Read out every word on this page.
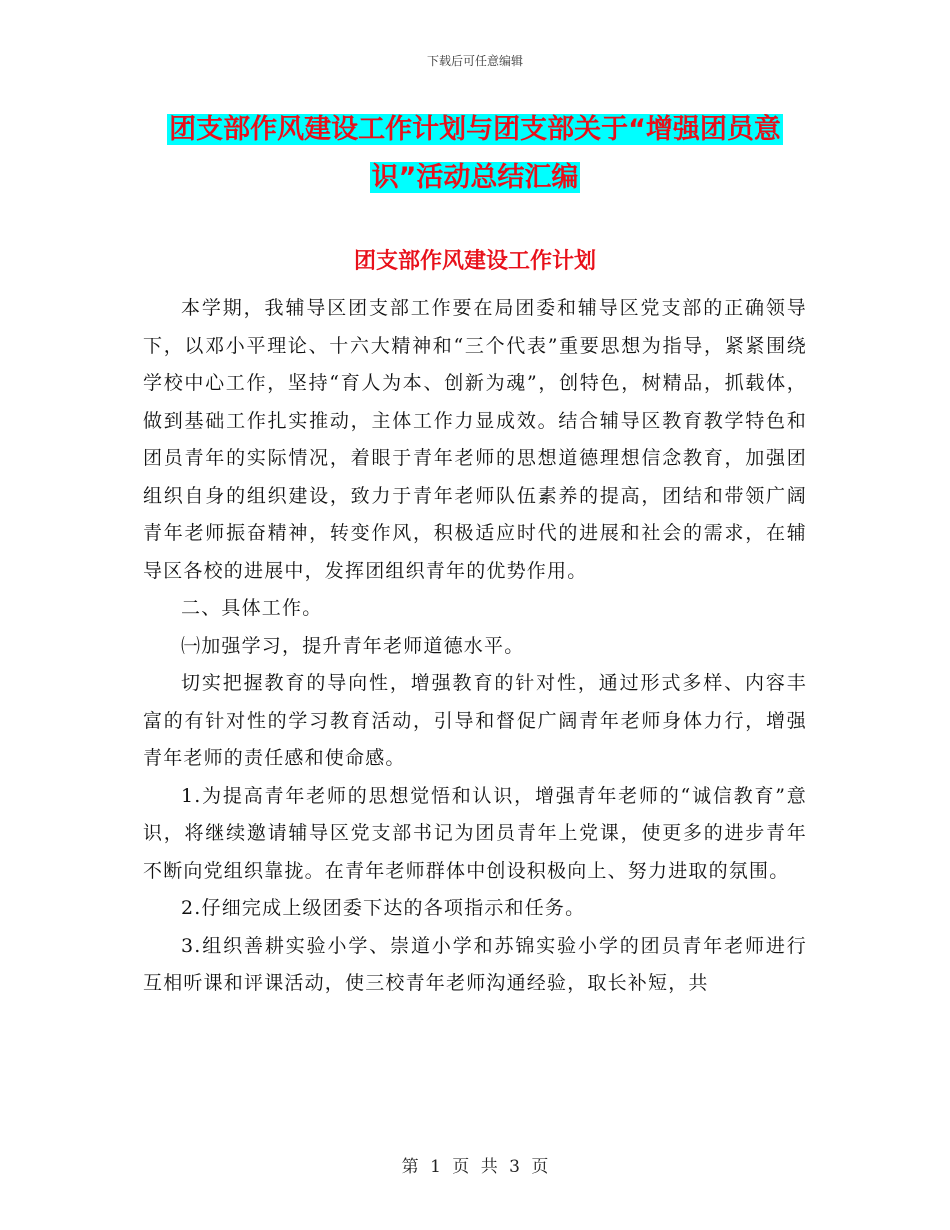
下载后可任意编辑
团支部作风建设工作计划与团支部关于“增强团员意识”活动总结汇编
团支部作风建设工作计划

本学期，我辅导区团支部工作要在局团委和辅导区党支部的正确领导下，以邓小平理论、十六大精神和“三个代表”重要思想为指导，紧紧围绕学校中心工作，坚持“育人为本、创新为魂”，创特色，树精品，抓载体，做到基础工作扎实推动，主体工作力显成效。结合辅导区教育教学特色和团员青年的实际情况，着眼于青年老师的思想道德理想信念教育，加强团组织自身的组织建设，致力于青年老师队伍素养的提高，团结和带领广阔青年老师振奋精神，转变作风，积极适应时代的进展和社会的需求，在辅导区各校的进展中，发挥团组织青年的优势作用。

二、具体工作。

㈠加强学习，提升青年老师道德水平。

切实把握教育的导向性，增强教育的针对性，通过形式多样、内容丰富的有针对性的学习教育活动，引导和督促广阔青年老师身体力行，增强青年老师的责任感和使命感。

1.为提高青年老师的思想觉悟和认识，增强青年老师的“诚信教育”意识，将继续邀请辅导区党支部书记为团员青年上党课，使更多的进步青年不断向党组织靠拢。在青年老师群体中创设积极向上、努力进取的氛围。

2.仔细完成上级团委下达的各项指示和任务。

3.组织善耕实验小学、崇道小学和苏锦实验小学的团员青年老师进行互相听课和评课活动，使三校青年老师沟通经验，取长补短，共

第 1 页 共 3 页
